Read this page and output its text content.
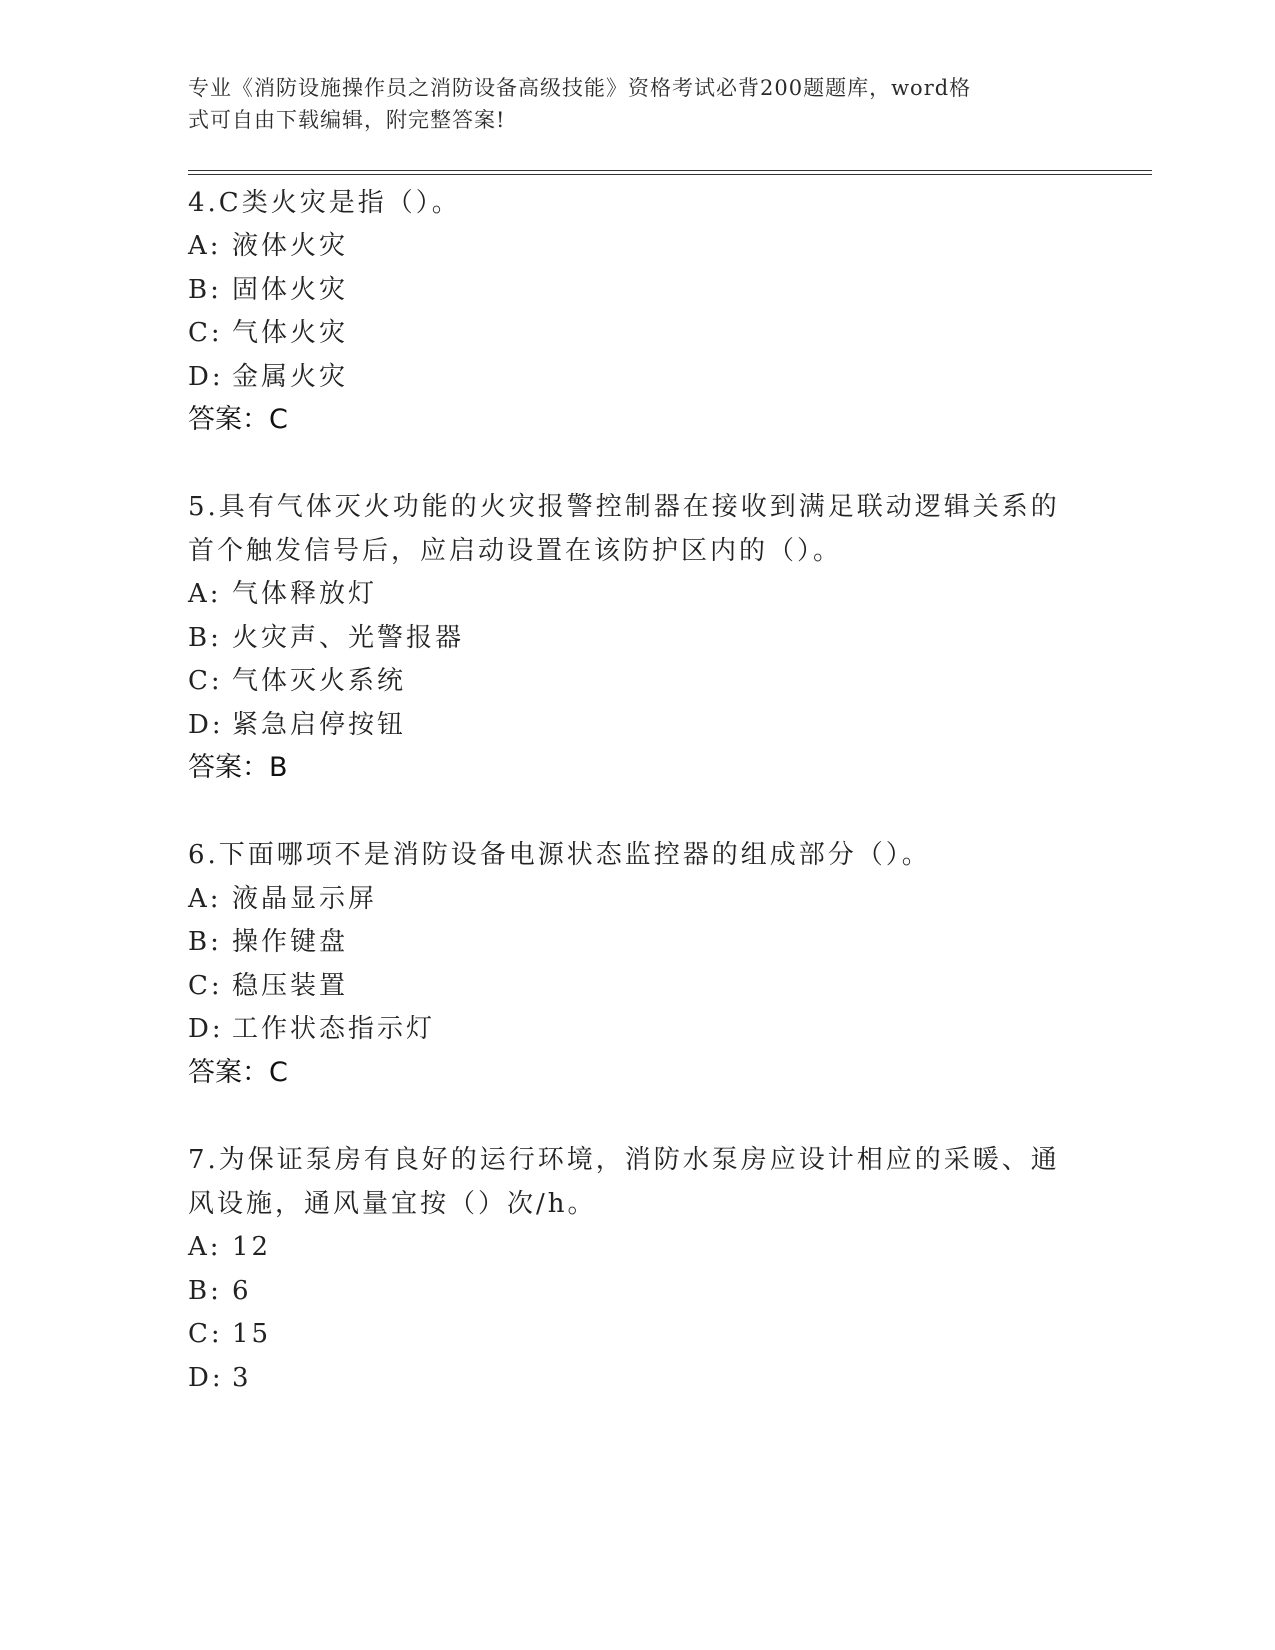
专业《消防设施操作员之消防设备高级技能》资格考试必背200题题库，word格
式可自由下载编辑，附完整答案!
4.C类火灾是指（）。
A: 液体火灾
B: 固体火灾
C: 气体火灾
D: 金属火灾
答案：C
5.具有气体灭火功能的火灾报警控制器在接收到满足联动逻辑关系的
首个触发信号后，应启动设置在该防护区内的（）。
A: 气体释放灯
B: 火灾声、光警报器
C: 气体灭火系统
D: 紧急启停按钮
答案：B
6.下面哪项不是消防设备电源状态监控器的组成部分（）。
A: 液晶显示屏
B: 操作键盘
C: 稳压装置
D: 工作状态指示灯
答案：C
7.为保证泵房有良好的运行环境，消防水泵房应设计相应的采暖、通
风设施，通风量宜按（）次/h。
A: 12
B: 6
C: 15
D: 3
